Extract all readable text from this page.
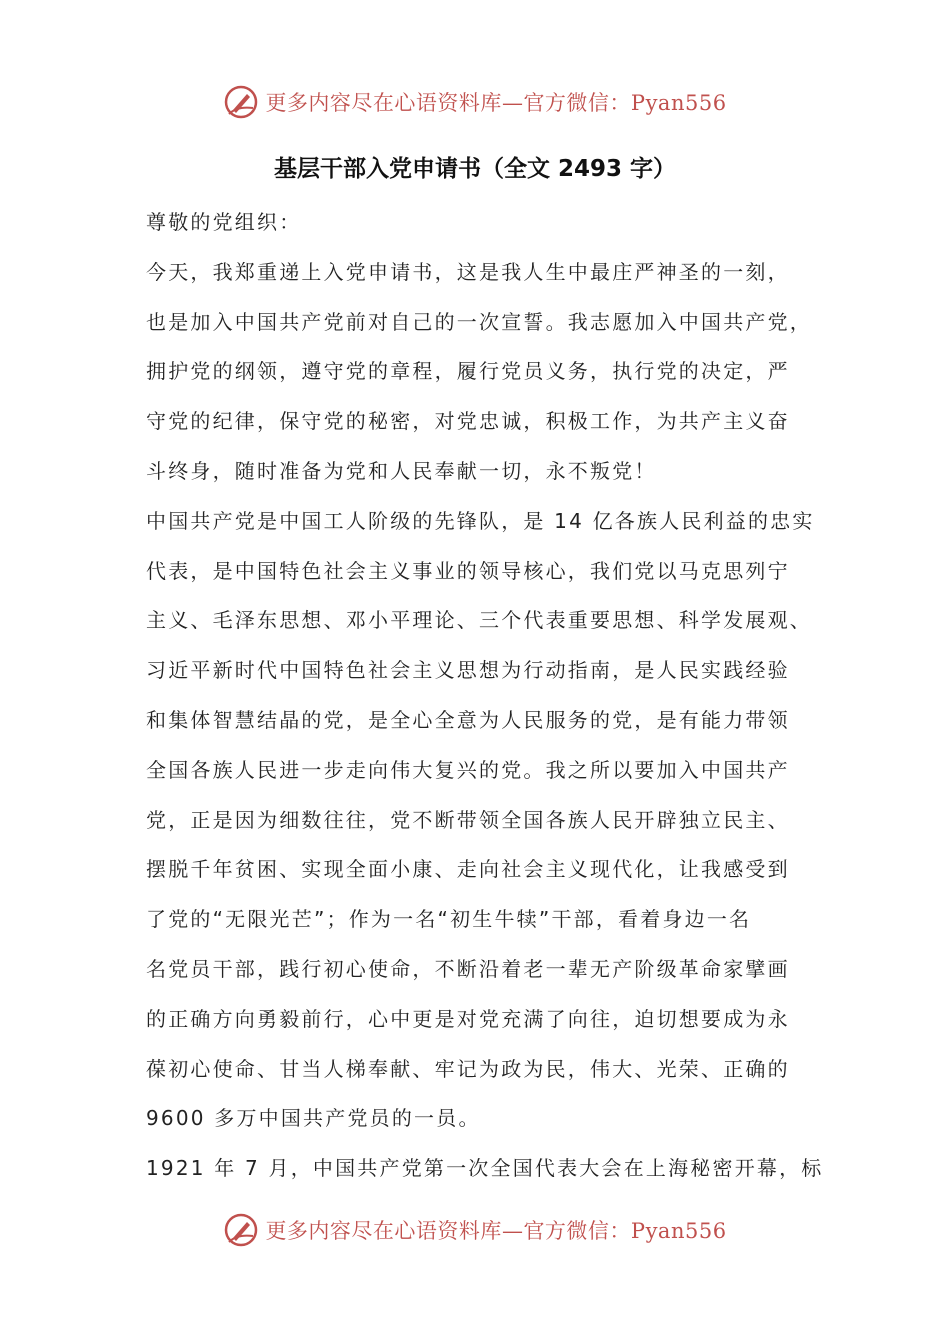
更多内容尽在心语资料库—官方微信：Pyan556
基层干部入党申请书（全文 2493 字）
尊敬的党组织：
今天，我郑重递上入党申请书，这是我人生中最庄严神圣的一刻，
也是加入中国共产党前对自己的一次宣誓。我志愿加入中国共产党，
拥护党的纲领，遵守党的章程，履行党员义务，执行党的决定，严
守党的纪律，保守党的秘密，对党忠诚，积极工作，为共产主义奋
斗终身，随时准备为党和人民奉献一切，永不叛党！
中国共产党是中国工人阶级的先锋队，是 14 亿各族人民利益的忠实
代表，是中国特色社会主义事业的领导核心，我们党以马克思列宁
主义、毛泽东思想、邓小平理论、三个代表重要思想、科学发展观、
习近平新时代中国特色社会主义思想为行动指南，是人民实践经验
和集体智慧结晶的党，是全心全意为人民服务的党，是有能力带领
全国各族人民进一步走向伟大复兴的党。我之所以要加入中国共产
党，正是因为细数往往，党不断带领全国各族人民开辟独立民主、
摆脱千年贫困、实现全面小康、走向社会主义现代化，让我感受到
了党的“无限光芒”；作为一名“初生牛犊”干部，看着身边一名
名党员干部，践行初心使命，不断沿着老一辈无产阶级革命家擘画
的正确方向勇毅前行，心中更是对党充满了向往，迫切想要成为永
葆初心使命、甘当人梯奉献、牢记为政为民，伟大、光荣、正确的
9600 多万中国共产党员的一员。
1921 年 7 月，中国共产党第一次全国代表大会在上海秘密开幕，标
更多内容尽在心语资料库—官方微信：Pyan556
